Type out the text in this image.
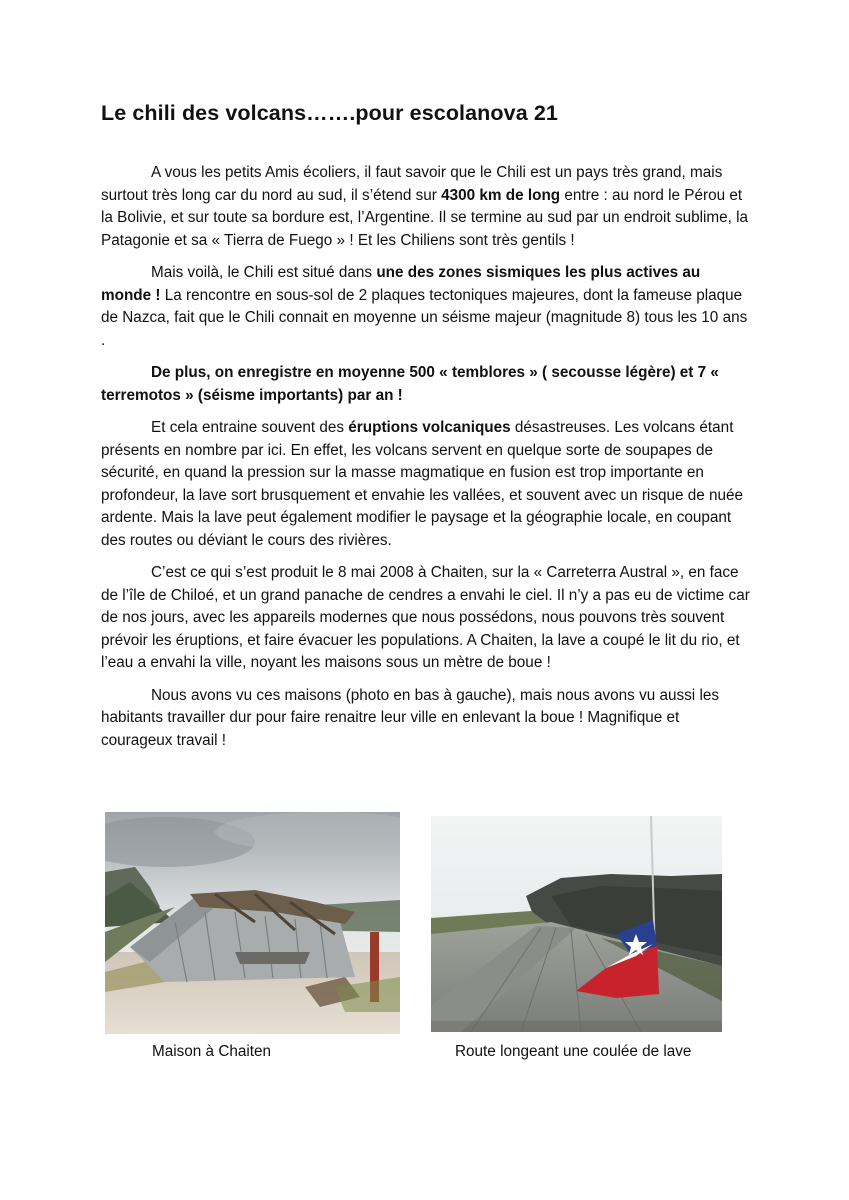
Le chili des volcans…….pour escolanova 21

A vous les petits Amis écoliers, il faut savoir que le Chili est un pays très grand, mais surtout très long car du nord au sud, il s’étend sur 4300 km de long entre : au nord le Pérou et la Bolivie, et sur toute sa bordure est, l’Argentine. Il se termine au sud par un endroit sublime, la Patagonie et sa « Tierra de Fuego » ! Et les Chiliens sont très gentils !

Mais voilà, le Chili est situé dans une des zones sismiques les plus actives au monde ! La rencontre en sous-sol de 2 plaques tectoniques majeures, dont la fameuse plaque de Nazca, fait que le Chili connait en moyenne un séisme majeur (magnitude 8) tous les 10 ans .

De plus, on enregistre en moyenne 500 « temblores » ( secousse légère) et 7 « terremotos » (séisme importants) par an !

Et cela entraine souvent des éruptions volcaniques désastreuses. Les volcans étant présents en nombre par ici. En effet, les volcans servent en quelque sorte de soupapes de sécurité, en quand la pression sur la masse magmatique en fusion est trop importante en profondeur, la lave sort brusquement et envahie les vallées, et souvent avec un risque de nuée ardente. Mais la lave peut également modifier le paysage et la géographie locale, en coupant des routes ou déviant le cours des rivières.

C’est ce qui s’est produit le 8 mai 2008 à Chaiten, sur la « Carreterra Austral », en face de l’île de Chiloé, et un grand panache de cendres a envahi le ciel. Il n’y a pas eu de victime car de nos jours, avec les appareils modernes que nous possédons, nous pouvons très souvent prévoir les éruptions, et faire évacuer les populations. A Chaiten, la lave a coupé le lit du rio, et l’eau a envahi la ville, noyant les maisons sous un mètre de boue !

Nous avons vu ces maisons (photo en bas à gauche), mais nous avons vu aussi les habitants travailler dur pour faire renaitre leur ville en enlevant la boue ! Magnifique et courageux travail !

Maison à Chaiten	Route longeant une coulée de lave
